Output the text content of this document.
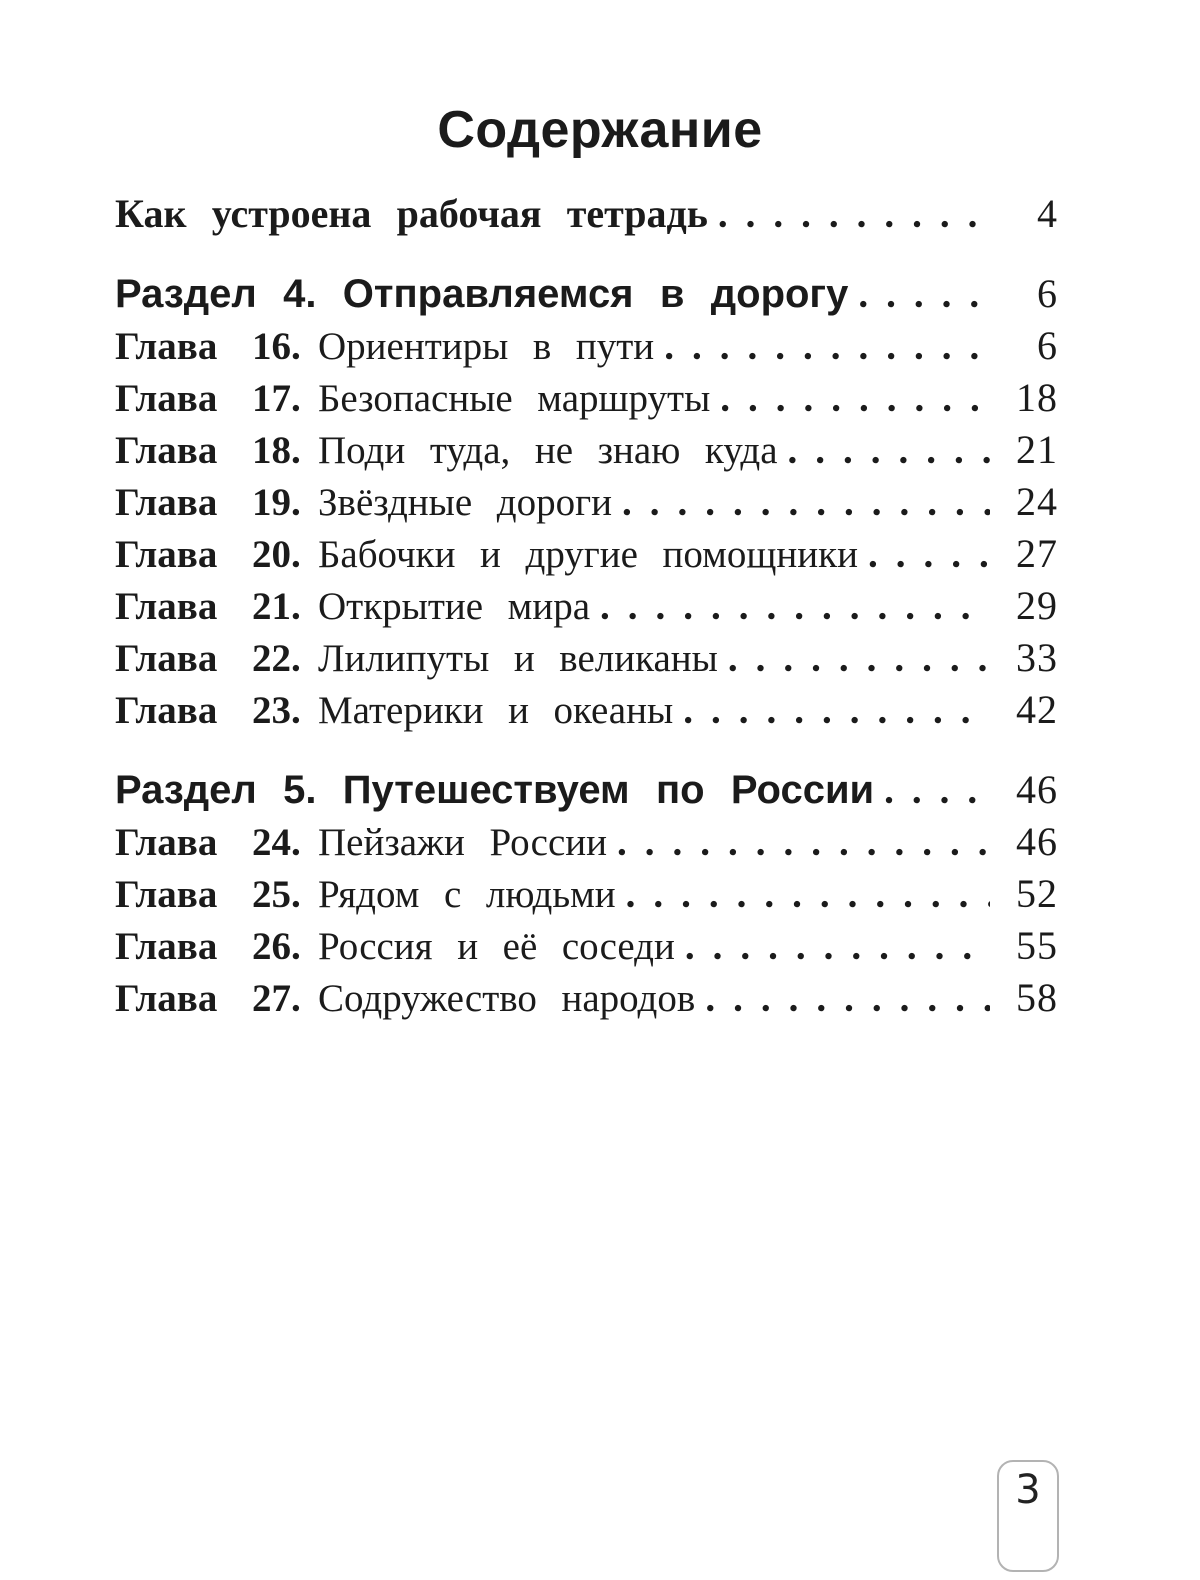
Содержание
Как устроена рабочая тетрадь .....	4
Раздел 4. Отправляемся в дорогу .....	6
Глава 16. Ориентиры в пути .....	6
Глава 17. Безопасные маршруты .....	18
Глава 18. Поди туда, не знаю куда .....	21
Глава 19. Звёздные дороги .....	24
Глава 20. Бабочки и другие помощники .....	27
Глава 21. Открытие мира .....	29
Глава 22. Лилипуты и великаны .....	33
Глава 23. Материки и океаны .....	42
Раздел 5. Путешествуем по России .....	46
Глава 24. Пейзажи России .....	46
Глава 25. Рядом с людьми .....	52
Глава 26. Россия и её соседи .....	55
Глава 27. Содружество народов .....	58
3
